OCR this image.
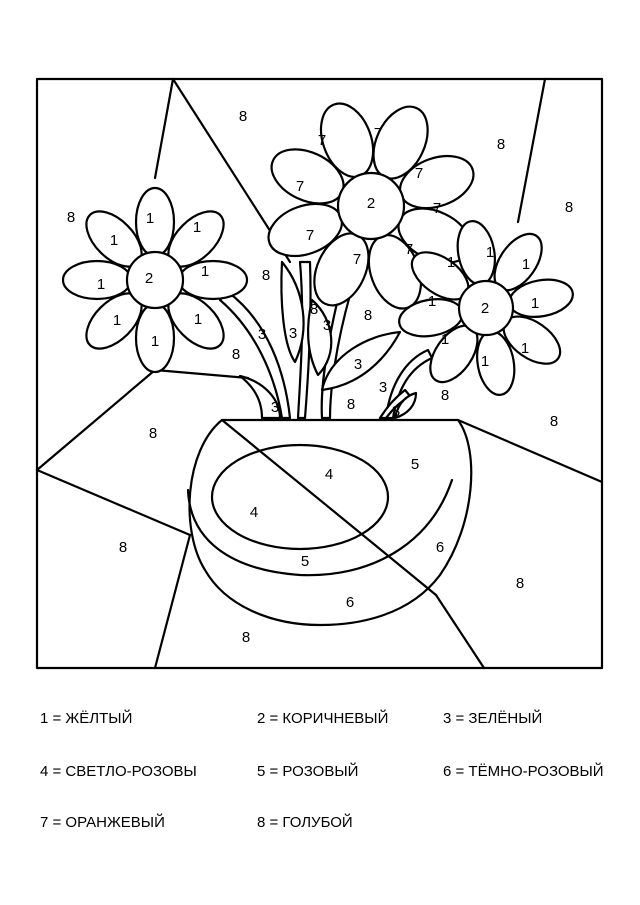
8
8
8
8
8
8	8
8
8
8
8
8
8
8
8
1
1
1
1
1
1	1
1
2
7	7
7
7
7
7
7
7
2
1
1	1
1	1
1
1
1
2
3 3 3
3
3
3	3
4
4
5
5
6
6
1 = ЖЁЛТЫЙ	2 = КОРИЧНЕВЫЙ	3 = ЗЕЛЁНЫЙ
4 = СВЕТЛО-РОЗОВЫ	5 = РОЗОВЫЙ	6 = ТЁМНО-РОЗОВЫЙ
7 = ОРАНЖЕВЫЙ	8 = ГОЛУБОЙ
